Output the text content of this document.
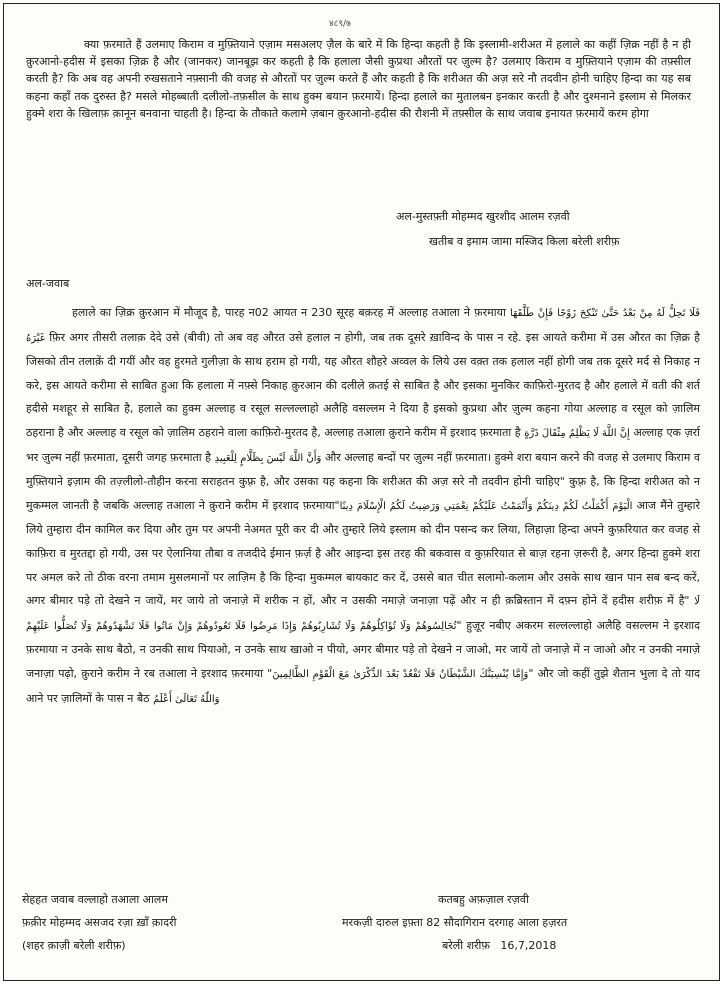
४८९/७

क्या फ़रमाते हैं उलमाए किराम व मुफ़्तियाने एज़ाम मसअलए ज़ैल के बारे में कि हिन्दा कहती है कि इस्लामी-शरीअत में हलाले का कहीं ज़िक्र नहीं है न ही क़ुरआनो-हदीस में इसका ज़िक्र है और (जानकर) जानबूझ कर कहती है कि हलाला जैसी कुप्रथा औरतों पर ज़ुल्म है? उलमाए किराम व मुफ़्तियाने एज़ाम की तफ़्सील करती है? कि अब वह अपनी रुखसताने नफ़्सानी की वजह से औरतों पर ज़ुल्म करते हैं और कहती है कि शरीअत की अज़ सरे नौ तदवीन होनी चाहिए हिन्दा का यह सब कहना कहाँ तक दुरुस्त है? मसले मोहब्बाती दलीलो-तफ़सील के साथ हुक्म बयान फ़रमायें। हिन्दा हलाले का मुतालबन इनकार करती है और दुश्मनाने इस्लाम से मिलकर हुक्मे शरा के खिलाफ़ क़ानून बनवाना चाहती है। हिन्दा के तौकाते कलामे ज़बान क़ुरआनो-हदीस की रौशनी में तफ़्सील के साथ जवाब इनायत फ़रमायें करम होगा

अल-मुस्तफ़्ती मोहम्मद खुरशीद आलम रज़वी
खतीब व इमाम जामा मस्जिद किला बरेली शरीफ़
अल-जवाब

हलाले का ज़िक्र क़ुरआन में मौजूद है, पारह न02 आयत न 230 सूरह बक़रह में अल्लाह तआला ने फ़रमाया فَإِنْ طَلَّقَهَا فَلَا تَحِلُّ لَهُ مِنْ بَعْدُ حَتَّىٰ تَنْكِحَ زَوْجًا غَيْرَهُ फ़िर अगर तीसरी तलाक़ देदे उसे (बीवी) तो अब वह औरत उसे हलाल न होगी, जब तक दूसरे ख़ाविन्द के पास न रहे. इस आयते करीमा में उस औरत का ज़िक्र है जिसको तीन तलाक़ें दी गयीं और वह हुरमते गुलीज़ा के साथ हराम हो गयी, यह औरत शौहरे अव्वल के लिये उस वक़्त तक हलाल नहीं होगी जब तक दूसरे मर्द से निकाह न करे, इस आयते करीमा से साबित हुआ कि हलाला में नफ़्से निकाह क़ुरआन की दलीले क़तई से साबित है और इसका मुनकिर काफ़िरो-मुरतद है और हलाले में वती की शर्त हदीसे मशहूर से साबित है, हलाले का हुक्म अल्लाह व रसूल सल्लल्लाहो अलैहि वसल्लम ने दिया है इसको कुप्रथा और ज़ुल्म कहना गोया अल्लाह व रसूल को ज़ालिम ठहराना है और अल्लाह व रसूल को ज़ालिम ठहराने वाला काफ़िरो-मुरतद है, अल्लाह तआला क़ुराने करीम में इरशाद फ़रमाता है إِنَّ اللَّهَ لَا يَظْلِمُ مِثْقَالَ ذَرَّةٍ अल्लाह एक ज़र्रा भर ज़ुल्म नहीं फ़रमाता, दूसरी जगह फ़रमाता है وَأَنَّ اللَّهَ لَيْسَ بِظَلَّامٍ لِلْعَبِيدِ और अल्लाह बन्दों पर ज़ुल्म नहीं फ़रमाता। हुक्मे शरा बयान करने की वजह से उलमाए किराम व मुफ़्तियाने इज़ाम की तज़्लीलो-तौहीन करना सराहतन कुफ़्र है, और उसका यह कहना कि शरीअत की अज़ सरे नौ तदवीन होनी चाहिए" कुफ़्र है, कि हिन्दा शरीअत को न मुकम्मल जानती है जबकि अल्लाह तआला ने क़ुराने करीम में इरशाद फ़रमाया"الْيَوْمَ أَكْمَلْتُ لَكُمْ دِينَكُمْ وَأَتْمَمْتُ عَلَيْكُمْ نِعْمَتِي وَرَضِيتُ لَكُمُ الْإِسْلَامَ دِينًا आज मैंने तुम्हारे लिये तुम्हारा दीन कामिल कर दिया और तुम पर अपनी नेअमत पूरी कर दी और तुम्हारे लिये इस्लाम को दीन पसन्द कर लिया, लिहाज़ा हिन्दा अपने कुफ़रियात कर वजह से काफ़िरा व मुरतद्दा हो गयी, उस पर ऐलानिया तौबा व तजदीदे ईमान फ़र्ज़ है और आइन्दा इस तरह की बकवास व कुफ़रियात से बाज़ रहना ज़रूरी है, अगर हिन्दा हुक्मे शरा पर अमल करे तो ठीक वरना तमाम मुसलमानों पर लाज़िम है कि हिन्दा मुकम्मल बायकाट कर दें, उससे बात चीत सलामो-कलाम और उसके साथ खान पान सब बन्द करें, अगर बीमार पड़े तो देखने न जायें, मर जाये तो जनाज़े में शरीक न हों, और न उसकी नमाज़े जनाज़ा पढ़ें और न ही क़ब्रिस्तान में दफ़्न होने दें हदीस शरीफ़ में है" لَا تُجَالِسُوهُمْ وَلَا تُؤَاكِلُوهُمْ وَلَا تُشَارِبُوهُمْ وَإِذَا مَرِضُوا فَلَا تَعُودُوهُمْ وَإِنْ مَاتُوا فَلَا تَشْهَدُوهُمْ وَلَا تُصَلُّوا عَلَيْهِمْ" हुज़ूर नबीए अकरम सल्लल्लाहो अलैहि वसल्लम ने इरशाद फ़रमाया न उनके साथ बैठो, न उनकी साथ पियाओ, न उनके साथ खाओ न पीयो, अगर बीमार पड़े तो देखने न जाओ, मर जायें तो जनाज़े में न जाओ और न उनकी नमाज़े जनाज़ा पढ़ो, क़ुराने करीम ने रब तआला ने इरशाद फ़रमाया "وَإِمَّا يُنْسِيَنَّكَ الشَّيْطَانُ فَلَا تَقْعُدْ بَعْدَ الذِّكْرَىٰ مَعَ الْقَوْمِ الظَّالِمِينَ" और जो कहीं तुझे शैतान भुला दे तो याद आने पर ज़ालिमों के पास न बैठ وَاللّٰهُ تَعَالَىٰ أَعْلَمُ

सेहहत जवाब वल्लाहो तआला आलम
फ़क़ीर मोहम्मद असजद रज़ा ख़ाँ क़ादरी
(शहर क़ाज़ी बरेली शरीफ़)
कतबहु अफ़ज़ाल रज़वी
मरकज़ी दारुल इफ़्ता 82 सौदागिरान दरगाह आला हज़रत
बरेली शरीफ़ 16,7,2018
